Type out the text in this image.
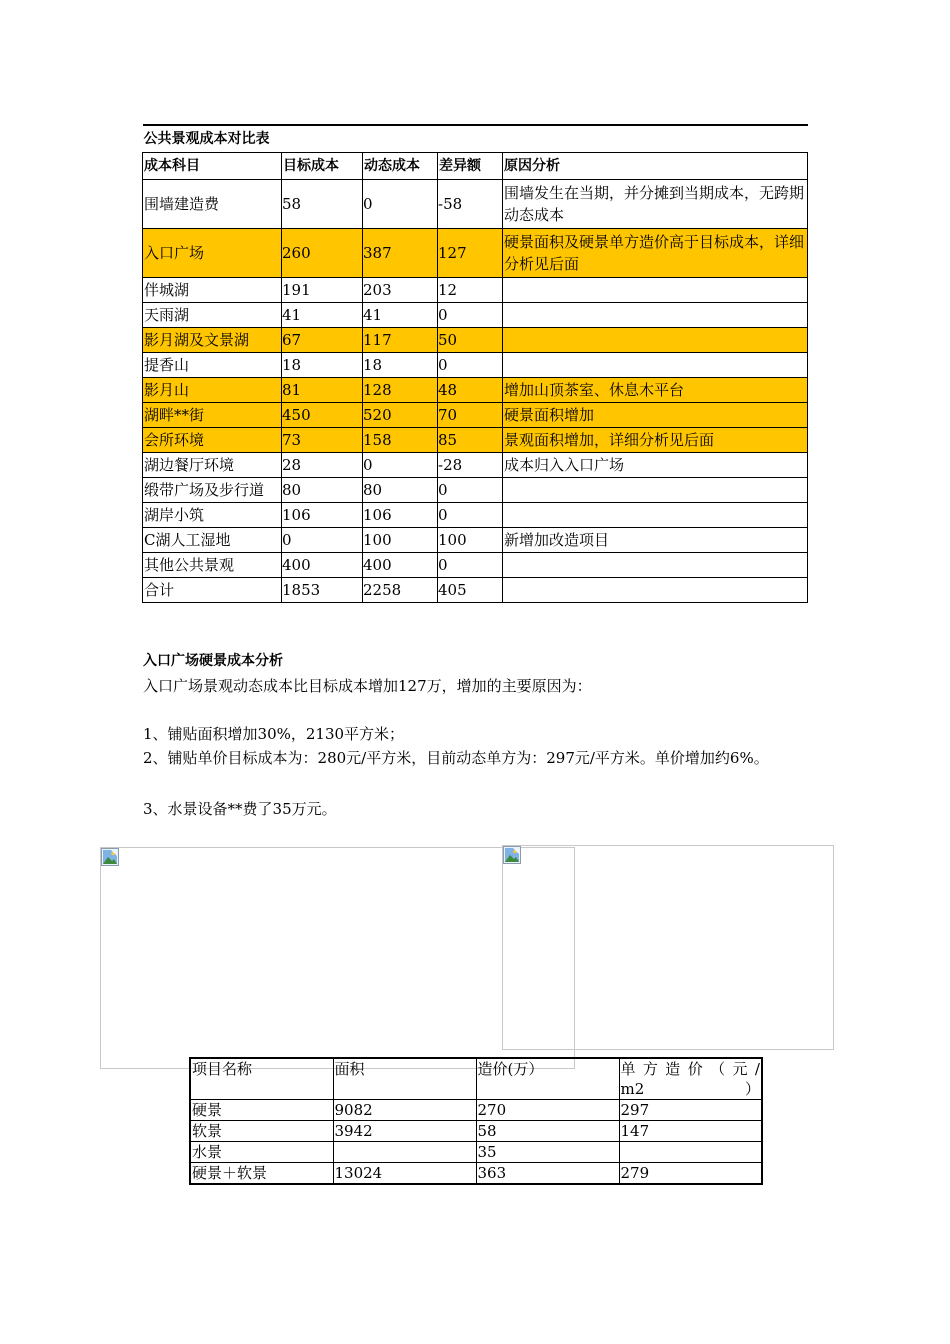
公共景观成本对比表				
成本科目	目标成本	动态成本	差异额	原因分析
围墙建造费	58	0	-58	围墙发生在当期，并分摊到当期成本，无跨期动态成本
入口广场	260	387	127	硬景面积及硬景单方造价高于目标成本，详细分析见后面
伴城湖	191	203	12	
天雨湖	41	41	0	
影月湖及文景湖	67	117	50	
提香山	18	18	0	
影月山	81	128	48	增加山顶茶室、休息木平台
湖畔**街	450	520	70	硬景面积增加
会所环境	73	158	85	景观面积增加，详细分析见后面
湖边餐厅环境	28	0	-28	成本归入入口广场
缎带广场及步行道	80	80	0	
湖岸小筑	106	106	0	
C湖人工湿地	0	100	100	新增加改造项目
其他公共景观	400	400	0	
合计	1853	2258	405	
入口广场硬景成本分析
入口广场景观动态成本比目标成本增加127万，增加的主要原因为：
1、铺贴面积增加30%，2130平方米；
2、铺贴单价目标成本为：280元/平方米，目前动态单方为：297元/平方米。单价增加约6%。
3、水景设备**费了35万元。
项目名称	面积	造价(万）	单 方 造 价 （ 元 / m2）
硬景	9082	270	297
软景	3942	58	147
水景		35	
硬景＋软景	13024	363	279
